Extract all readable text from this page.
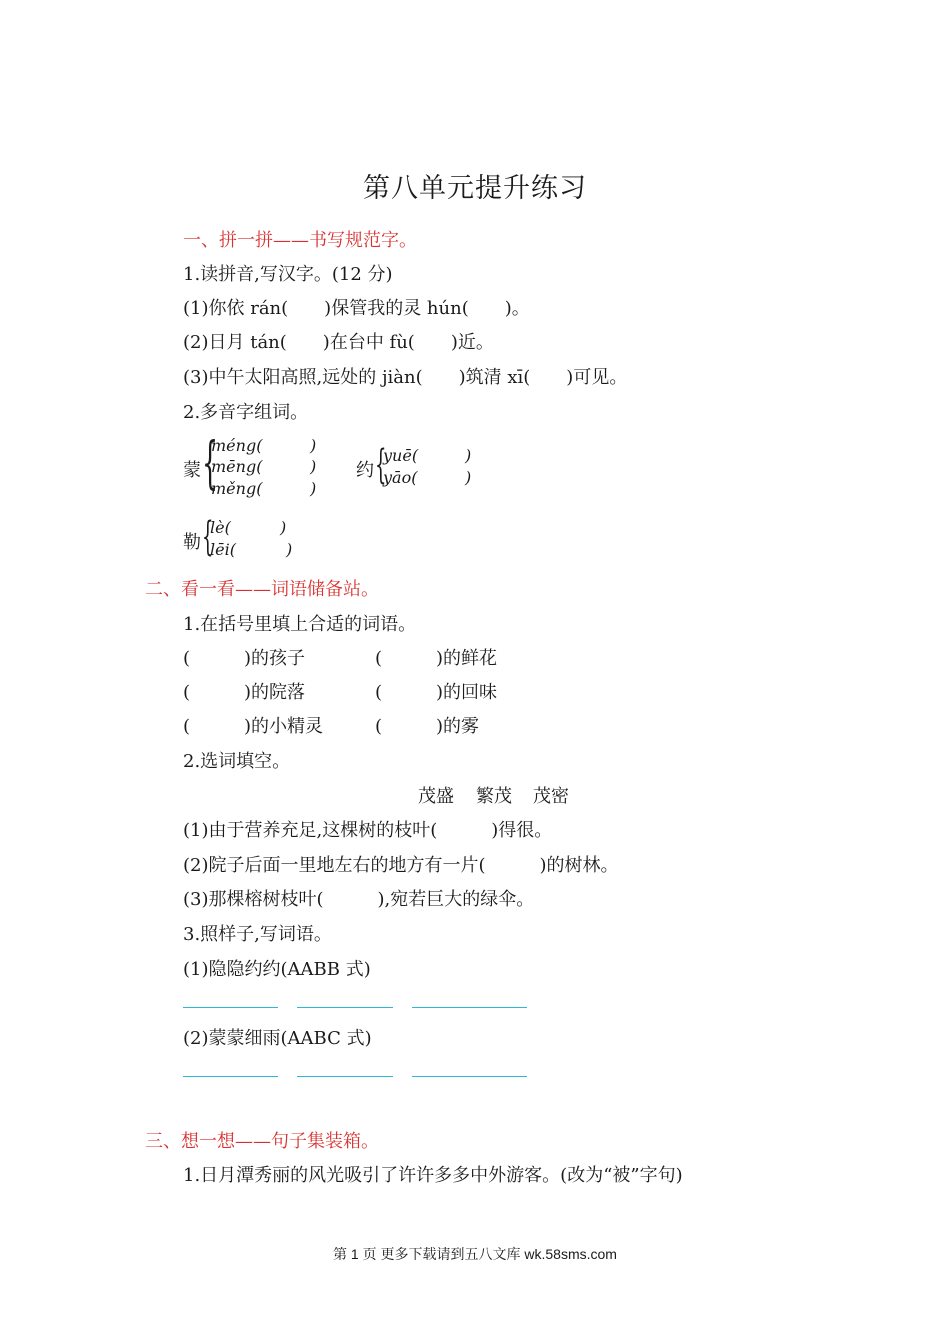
第八单元提升练习
一、拼一拼——书写规范字。
1.读拼音,写汉字。(12 分)
(1)你依 rán(　　)保管我的灵 hún(　　)。
(2)日月 tán(　　)在台中 fù(　　)近。
(3)中午太阳高照,远处的 jiàn(　　)筑清 xī(　　)可见。
2.多音字组词。
蒙 {
méng(	)
mēng(	)
měng(	)
约 {
yuē(	)
yāo(	)
勒 {
lè(	)
lēi(	)
二、看一看——词语储备站。
1.在括号里填上合适的词语。
(　　　)的孩子	(　　　)的鲜花
(　　　)的院落	(　　　)的回味
(　　　)的小精灵	(　　　)的雾
2.选词填空。
茂盛 繁茂 茂密
(1)由于营养充足,这棵树的枝叶(　　　)得很。
(2)院子后面一里地左右的地方有一片(　　　)的树林。
(3)那棵榕树枝叶(　　　),宛若巨大的绿伞。
3.照样子,写词语。
(1)隐隐约约(AABB 式)
(2)蒙蒙细雨(AABC 式)
三、想一想——句子集装箱。
1.日月潭秀丽的风光吸引了许许多多中外游客。(改为“被”字句)
第 1 页 更多下载请到五八文库 wk.58sms.com
